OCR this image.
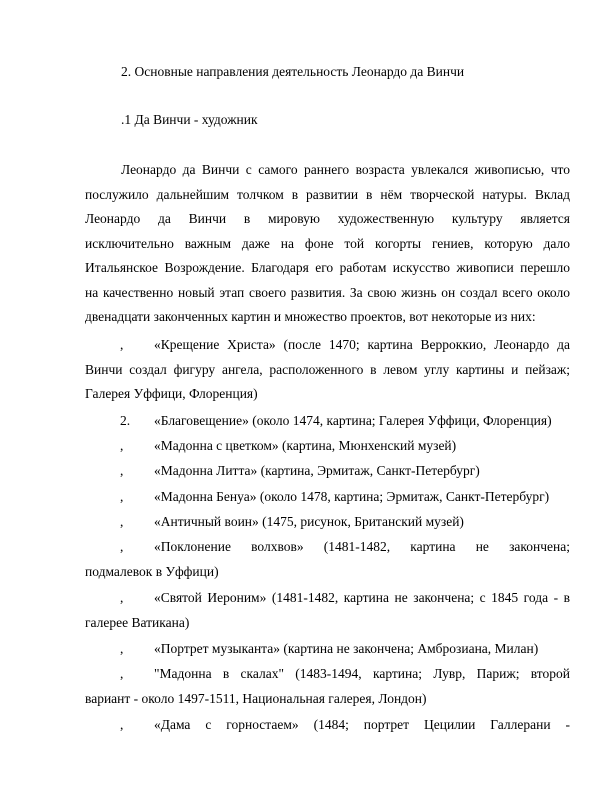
2. Основные направления деятельность Леонардо да Винчи
.1 Да Винчи - художник
Леонардо да Винчи с самого раннего возраста увлекался живописью, что
послужило дальнейшим толчком в развитии в нём творческой натуры. Вклад
Леонардо да Винчи в мировую художественную культуру является
исключительно важным даже на фоне той когорты гениев, которую дало
Итальянское Возрождение. Благодаря его работам искусство живописи перешло
на качественно новый этап своего развития. За свою жизнь он создал всего около
двенадцати законченных картин и множество проектов, вот некоторые из них:
, «Крещение Христа» (после 1470; картина Верроккио, Леонардо да
Винчи создал фигуру ангела, расположенного в левом углу картины и пейзаж;
Галерея Уффици, Флоренция)
2. «Благовещение» (около 1474, картина; Галерея Уффици, Флоренция)
, «Мадонна с цветком» (картина, Мюнхенский музей)
, «Мадонна Литта» (картина, Эрмитаж, Санкт-Петербург)
, «Мадонна Бенуа» (около 1478, картина; Эрмитаж, Санкт-Петербург)
, «Античный воин» (1475, рисунок, Британский музей)
, «Поклонение волхвов» (1481-1482, картина не закончена;
подмалевок в Уффици)
, «Святой Иероним» (1481-1482, картина не закончена; с 1845 года - в
галерее Ватикана)
, «Портрет музыканта» (картина не закончена; Амброзиана, Милан)
, "Мадонна в скалах" (1483-1494, картина; Лувр, Париж; второй
вариант - около 1497-1511, Национальная галерея, Лондон)
, «Дама с горностаем» (1484; портрет Цецилии Галлерани -
